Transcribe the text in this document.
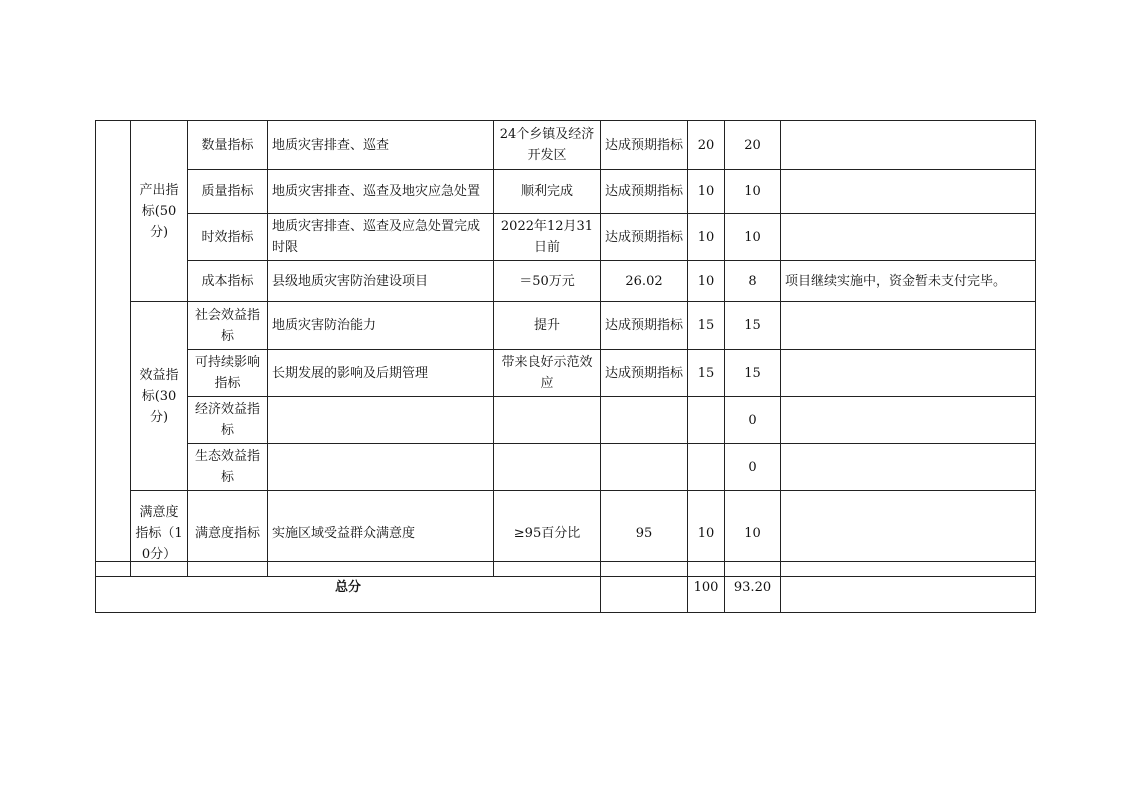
	产出指标(50分)	数量指标	地质灾害排查、巡查	24个乡镇及经济开发区	达成预期指标	20	20	
		质量指标	地质灾害排查、巡查及地灾应急处置	顺利完成	达成预期指标	10	10	
		时效指标	地质灾害排查、巡查及应急处置完成时限	2022年12月31日前	达成预期指标	10	10	
		成本指标	县级地质灾害防治建设项目	＝50万元	26.02	10	8	项目继续实施中，资金暂未支付完毕。
	效益指标(30分)	社会效益指标	地质灾害防治能力	提升	达成预期指标	15	15	
		可持续影响指标	长期发展的影响及后期管理	带来良好示范效应	达成预期指标	15	15	
		经济效益指标					0	
		生态效益指标					0	
	满意度指标（10分）	满意度指标	实施区域受益群众满意度	≥95百分比	95	10	10	
总分		100	93.20	
